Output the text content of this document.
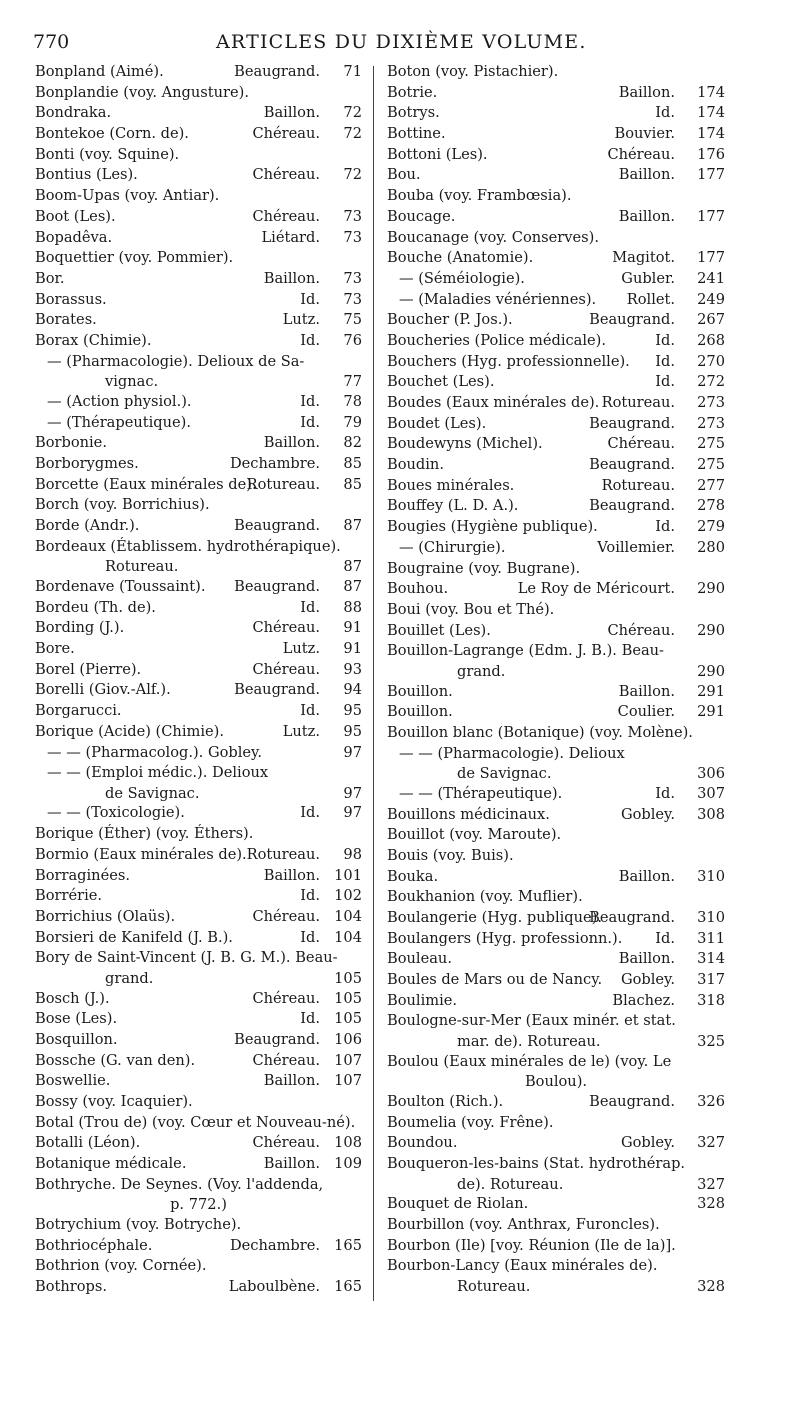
770	ARTICLES DU DIXIÈME VOLUME.
Bonpland (Aimé).	Beaugrand. 71
Bonplandie (voy. Angusture).
Bondraka.	Baillon. 72
Bontekoe (Corn. de).	Chéreau. 72
Bonti (voy. Squine).
Bontius (Les).	Chéreau. 72
Boom-Upas (voy. Antiar).
Boot (Les).	Chéreau. 73
Bopadêva.	Liétard. 73
Boquettier (voy. Pommier).
Bor.	Baillon. 73
Borassus.	Id. 73
Borates.	Lutz. 75
Borax (Chimie).	Id. 76
— (Pharmacologie). Delioux de Sa-
vignac.	77
— (Action physiol.).	Id. 78
— (Thérapeutique).	Id. 79
Borbonie.	Baillon. 82
Borborygmes.	Dechambre. 85
Borcette (Eaux minérales de).
Rotureau. 85
Borch (voy. Borrichius).
Borde (Andr.).	Beaugrand. 87
Bordeaux (Établissem. hydrothérapique).
Rotureau.	87
Bordenave (Toussaint). Beaugrand. 87
Bordeu (Th. de).	Id. 88
Bording (J.).	Chéreau. 91
Bore.	Lutz. 91
Borel (Pierre).	Chéreau. 93
Borelli (Giov.-Alf.).	Beaugrand. 94
Borgarucci.	Id. 95
Borique (Acide) (Chimie).	Lutz. 95
— — (Pharmacolog.). Gobley.	97
— — (Emploi médic.). Delioux
de Savignac.	97
— — (Toxicologie).	Id. 97
Borique (Éther) (voy. Éthers).
Bormio (Eaux minérales de). Rotureau. 98
Borraginées.	Baillon. 101
Borrérie.	Id. 102
Borrichius (Olaüs).	Chéreau. 104
Borsieri de Kanifeld (J. B.).	Id. 104
Bory de Saint-Vincent (J. B. G. M.). Beau-
grand.	105
Bosch (J.).	Chéreau. 105
Bose (Les).	Id. 105
Bosquillon.	Beaugrand. 106
Bossche (G. van den).	Chéreau. 107
Boswellie.	Baillon. 107
Bossy (voy. Icaquier).
Botal (Trou de) (voy. Cœur et Nouveau-né).
Botalli (Léon).	Chéreau. 108
Botanique médicale.	Baillon. 109
Bothryche. De Seynes. (Voy. l'addenda,
p. 772.)
Botrychium (voy. Botryche).
Bothriocéphale.	Dechambre. 165
Bothrion (voy. Cornée).
Bothrops.	Laboulbène. 165
Boton (voy. Pistachier).
Botrie.	Baillon. 174
Botrys.	Id. 174
Bottine.	Bouvier. 174
Bottoni (Les).	Chéreau. 176
Bou.	Baillon. 177
Bouba (voy. Frambœsia).
Boucage.	Baillon. 177
Boucanage (voy. Conserves).
Bouche (Anatomie).	Magitot. 177
— (Séméiologie).	Gubler. 241
— (Maladies vénériennes). Rollet. 249
Boucher (P. Jos.).	Beaugrand. 267
Boucheries (Police médicale).	Id. 268
Bouchers (Hyg. professionnelle). Id. 270
Bouchet (Les).	Id. 272
Boudes (Eaux minérales de). Rotureau. 273
Boudet (Les).	Beaugrand. 273
Boudewyns (Michel).	Chéreau. 275
Boudin.	Beaugrand. 275
Boues minérales.	Rotureau. 277
Bouffey (L. D. A.).	Beaugrand. 278
Bougies (Hygiène publique).	Id. 279
— (Chirurgie).	Voillemier. 280
Bougraine (voy. Bugrane).
Bouhou.	Le Roy de Méricourt. 290
Boui (voy. Bou et Thé).
Bouillet (Les).	Chéreau. 290
Bouillon-Lagrange (Edm. J. B.). Beau-
grand.	290
Bouillon.	Baillon. 291
Bouillon.	Coulier. 291
Bouillon blanc (Botanique) (voy. Molène).
— — (Pharmacologie). Delioux
de Savignac.	306
— — (Thérapeutique).	Id. 307
Bouillons médicinaux.	Gobley. 308
Bouillot (voy. Maroute).
Bouis (voy. Buis).
Bouka.	Baillon. 310
Boukhanion (voy. Muflier).
Boulangerie (Hyg. publique).
Beaugrand. 310
Boulangers (Hyg. professionn.). Id. 311
Bouleau.	Baillon. 314
Boules de Mars ou de Nancy. Gobley. 317
Boulimie.	Blachez. 318
Boulogne-sur-Mer (Eaux minér. et stat.
mar. de). Rotureau.	325
Boulou (Eaux minérales de le) (voy. Le
Boulou).
Boulton (Rich.).	Beaugrand. 326
Boumelia (voy. Frêne).
Boundou.	Gobley. 327
Bouqueron-les-bains (Stat. hydrothérap.
de). Rotureau.	327
Bouquet de Riolan.	328
Bourbillon (voy. Anthrax, Furoncles).
Bourbon (Ile) [voy. Réunion (Ile de la)].
Bourbon-Lancy (Eaux minérales de).
Rotureau.	328
